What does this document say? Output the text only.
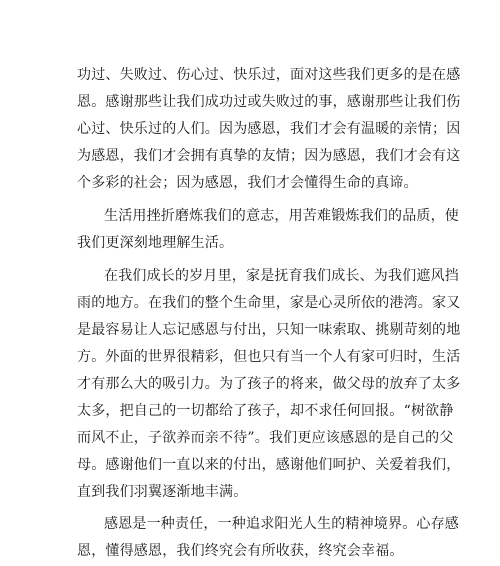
功过、失败过、伤心过、快乐过，面对这些我们更多的是在感
恩。感谢那些让我们成功过或失败过的事，感谢那些让我们伤
心过、快乐过的人们。因为感恩，我们才会有温暖的亲情；因
为感恩，我们才会拥有真挚的友情；因为感恩，我们才会有这
个多彩的社会；因为感恩，我们才会懂得生命的真谛。
生活用挫折磨炼我们的意志，用苦难锻炼我们的品质，使
我们更深刻地理解生活。
在我们成长的岁月里，家是抚育我们成长、为我们遮风挡
雨的地方。在我们的整个生命里，家是心灵所依的港湾。家又
是最容易让人忘记感恩与付出，只知一味索取、挑剔苛刻的地
方。外面的世界很精彩，但也只有当一个人有家可归时，生活
才有那么大的吸引力。为了孩子的将来，做父母的放弃了太多
太多，把自己的一切都给了孩子，却不求任何回报。“树欲静
而风不止，子欲养而亲不待”。我们更应该感恩的是自己的父
母。感谢他们一直以来的付出，感谢他们呵护、关爱着我们，
直到我们羽翼逐渐地丰满。
感恩是一种责任，一种追求阳光人生的精神境界。心存感
恩，懂得感恩，我们终究会有所收获，终究会幸福。
